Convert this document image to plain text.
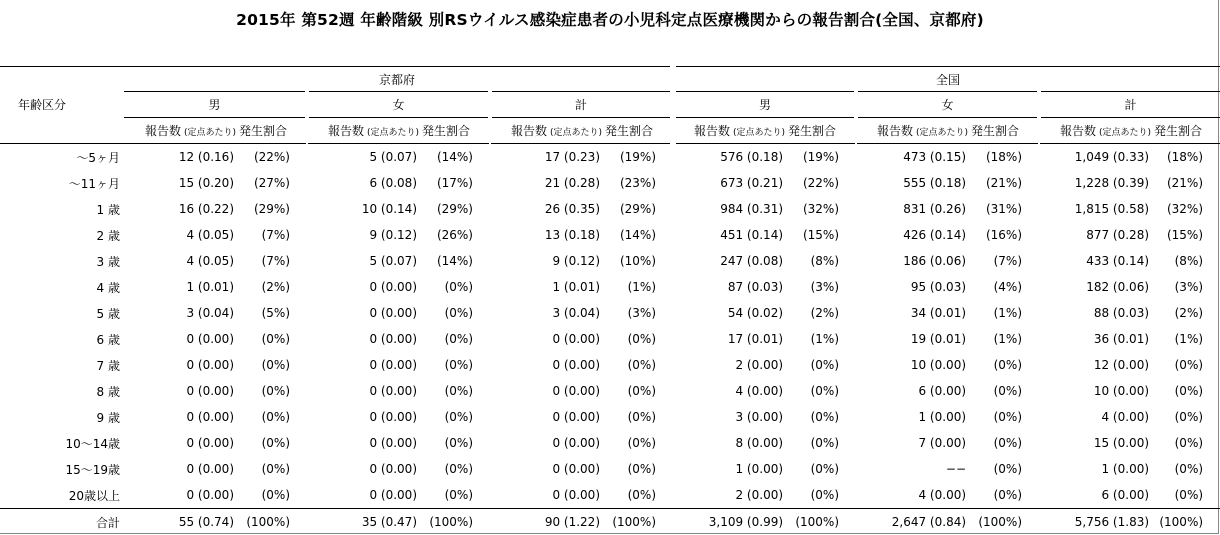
2015年 第52週 年齢階級 別RSウイルス感染症患者の小児科定点医療機関からの報告割合(全国、京都府)
	京都府						全国					
年齢区分	男		女		計		男		女		計	
	報告数 (定点あたり)	発生割合	報告数 (定点あたり)	発生割合	報告数 (定点あたり)	発生割合	報告数 (定点あたり)	発生割合	報告数 (定点あたり)	発生割合	報告数 (定点あたり)	発生割合
〜5ヶ月	12 (0.16)	(22%)	5 (0.07)	(14%)	17 (0.23)	(19%)	576 (0.18)	(19%)	473 (0.15)	(18%)	1,049 (0.33)	(18%)
〜11ヶ月	15 (0.20)	(27%)	6 (0.08)	(17%)	21 (0.28)	(23%)	673 (0.21)	(22%)	555 (0.18)	(21%)	1,228 (0.39)	(21%)
1 歳	16 (0.22)	(29%)	10 (0.14)	(29%)	26 (0.35)	(29%)	984 (0.31)	(32%)	831 (0.26)	(31%)	1,815 (0.58)	(32%)
2 歳	4 (0.05)	(7%)	9 (0.12)	(26%)	13 (0.18)	(14%)	451 (0.14)	(15%)	426 (0.14)	(16%)	877 (0.28)	(15%)
3 歳	4 (0.05)	(7%)	5 (0.07)	(14%)	9 (0.12)	(10%)	247 (0.08)	(8%)	186 (0.06)	(7%)	433 (0.14)	(8%)
4 歳	1 (0.01)	(2%)	0 (0.00)	(0%)	1 (0.01)	(1%)	87 (0.03)	(3%)	95 (0.03)	(4%)	182 (0.06)	(3%)
5 歳	3 (0.04)	(5%)	0 (0.00)	(0%)	3 (0.04)	(3%)	54 (0.02)	(2%)	34 (0.01)	(1%)	88 (0.03)	(2%)
6 歳	0 (0.00)	(0%)	0 (0.00)	(0%)	0 (0.00)	(0%)	17 (0.01)	(1%)	19 (0.01)	(1%)	36 (0.01)	(1%)
7 歳	0 (0.00)	(0%)	0 (0.00)	(0%)	0 (0.00)	(0%)	2 (0.00)	(0%)	10 (0.00)	(0%)	12 (0.00)	(0%)
8 歳	0 (0.00)	(0%)	0 (0.00)	(0%)	0 (0.00)	(0%)	4 (0.00)	(0%)	6 (0.00)	(0%)	10 (0.00)	(0%)
9 歳	0 (0.00)	(0%)	0 (0.00)	(0%)	0 (0.00)	(0%)	3 (0.00)	(0%)	1 (0.00)	(0%)	4 (0.00)	(0%)
10〜14歳	0 (0.00)	(0%)	0 (0.00)	(0%)	0 (0.00)	(0%)	8 (0.00)	(0%)	7 (0.00)	(0%)	15 (0.00)	(0%)
15〜19歳	0 (0.00)	(0%)	0 (0.00)	(0%)	0 (0.00)	(0%)	1 (0.00)	(0%)	−−	(0%)	1 (0.00)	(0%)
20歳以上	0 (0.00)	(0%)	0 (0.00)	(0%)	0 (0.00)	(0%)	2 (0.00)	(0%)	4 (0.00)	(0%)	6 (0.00)	(0%)
合計	55 (0.74)	(100%)	35 (0.47)	(100%)	90 (1.22)	(100%)	3,109 (0.99)	(100%)	2,647 (0.84)	(100%)	5,756 (1.83)	(100%)
